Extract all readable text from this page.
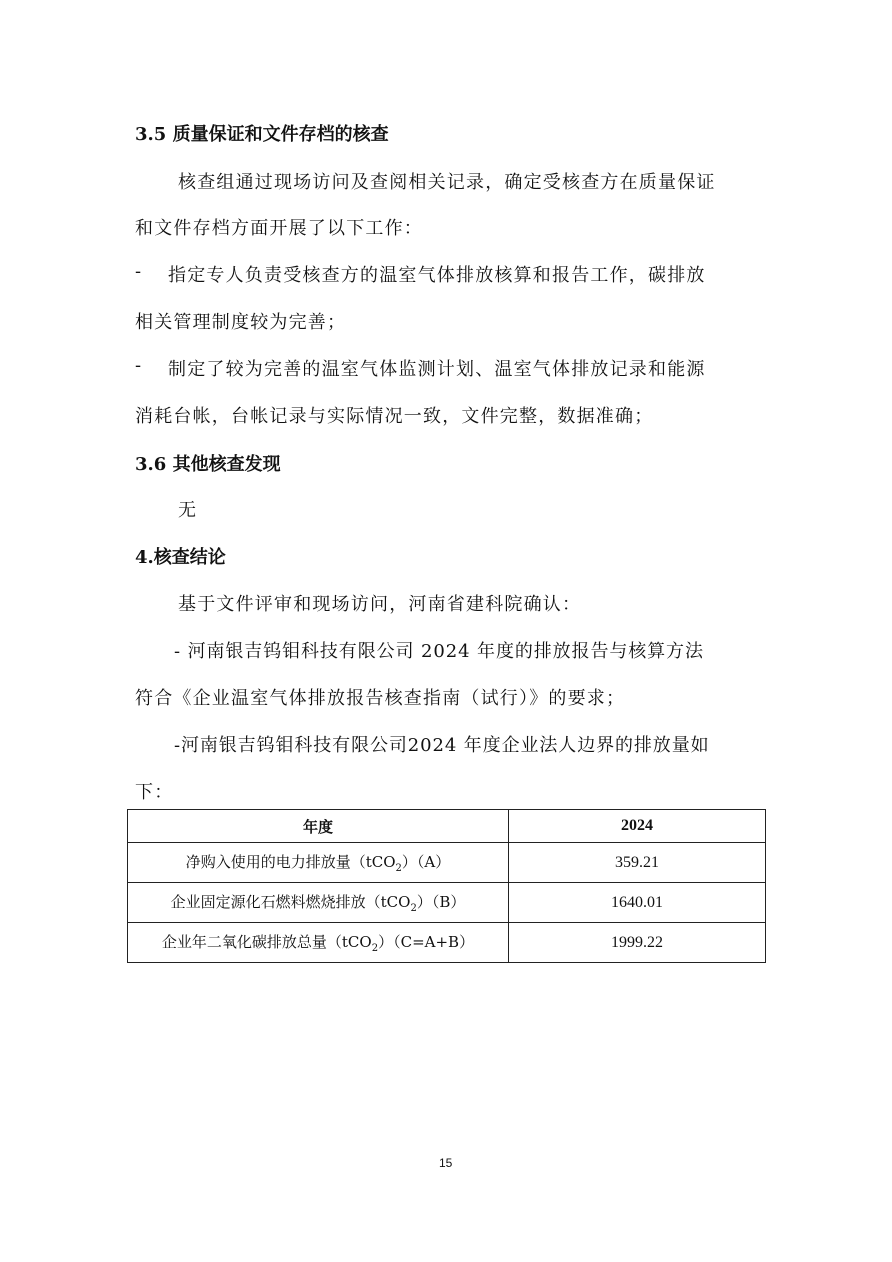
3.5 质量保证和文件存档的核查
核查组通过现场访问及查阅相关记录，确定受核查方在质量保证
和文件存档方面开展了以下工作：
- 指定专人负责受核查方的温室气体排放核算和报告工作，碳排放
相关管理制度较为完善；
- 制定了较为完善的温室气体监测计划、温室气体排放记录和能源
消耗台帐，台帐记录与实际情况一致，文件完整，数据准确；
3.6 其他核查发现
无
4.核查结论
基于文件评审和现场访问，河南省建科院确认：
- 河南银吉钨钼科技有限公司 2024 年度的排放报告与核算方法
符合《企业温室气体排放报告核查指南（试行）》的要求；
-河南银吉钨钼科技有限公司2024 年度企业法人边界的排放量如
下：
年度	2024
净购入使用的电力排放量（tCO$_2$）（A）	359.21
企业固定源化石燃料燃烧排放（tCO$_2$）（B）	1640.01
企业年二氧化碳排放总量（tCO$_2$）（C=A+B）	1999.22
15
